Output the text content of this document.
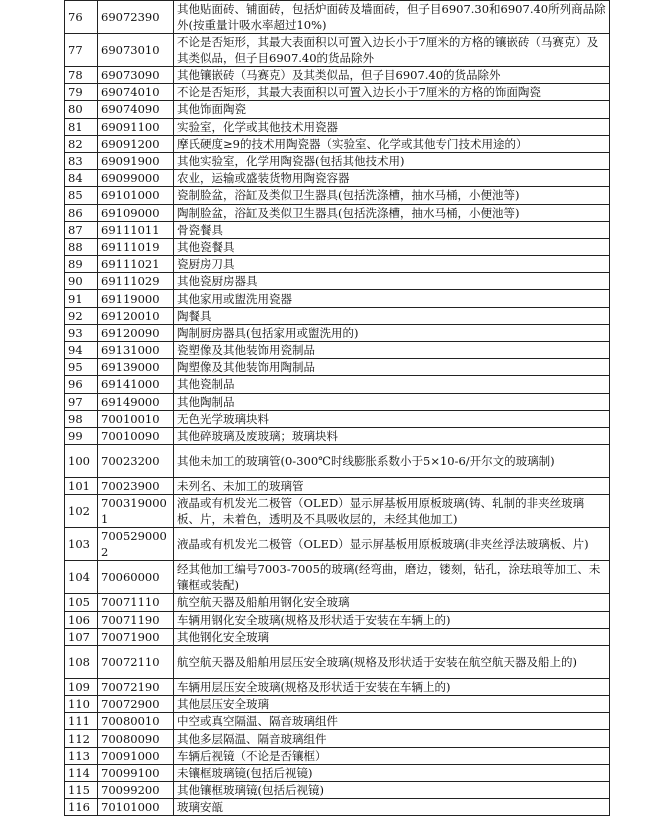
76	69072390	其他贴面砖、铺面砖，包括炉面砖及墙面砖，但子目6907.30和6907.40所列商品除外(按重量计吸水率超过10%)
77	69073010	不论是否矩形，其最大表面积以可置入边长小于7厘米的方格的镶嵌砖（马赛克）及其类似品，但子目6907.40的货品除外
78	69073090	其他镶嵌砖（马赛克）及其类似品，但子目6907.40的货品除外
79	69074010	不论是否矩形，其最大表面积以可置入边长小于7厘米的方格的饰面陶瓷
80	69074090	其他饰面陶瓷
81	69091100	实验室，化学或其他技术用瓷器
82	69091200	摩氏硬度≥9的技术用陶瓷器（实验室、化学或其他专门技术用途的）
83	69091900	其他实验室，化学用陶瓷器(包括其他技术用)
84	69099000	农业，运输或盛装货物用陶瓷容器
85	69101000	瓷制脸盆，浴缸及类似卫生器具(包括洗涤槽，抽水马桶，小便池等)
86	69109000	陶制脸盆，浴缸及类似卫生器具(包括洗涤槽，抽水马桶，小便池等)
87	69111011	骨瓷餐具
88	69111019	其他瓷餐具
89	69111021	瓷厨房刀具
90	69111029	其他瓷厨房器具
91	69119000	其他家用或盥洗用瓷器
92	69120010	陶餐具
93	69120090	陶制厨房器具(包括家用或盥洗用的)
94	69131000	瓷塑像及其他装饰用瓷制品
95	69139000	陶塑像及其他装饰用陶制品
96	69141000	其他瓷制品
97	69149000	其他陶制品
98	70010010	无色光学玻璃块料
99	70010090	其他碎玻璃及废玻璃；玻璃块料
100	70023200	其他未加工的玻璃管(0-300℃时线膨胀系数小于5×10-6/开尔文的玻璃制)
101	70023900	未列名、未加工的玻璃管
102	7003190001	液晶或有机发光二极管（OLED）显示屏基板用原板玻璃(铸、轧制的非夹丝玻璃板、片，未着色，透明及不具吸收层的，未经其他加工)
103	7005290002	液晶或有机发光二极管（OLED）显示屏基板用原板玻璃(非夹丝浮法玻璃板、片)
104	70060000	经其他加工编号7003-7005的玻璃(经弯曲，磨边，镂刻，钻孔，涂珐琅等加工、未镶框或装配)
105	70071110	航空航天器及船舶用钢化安全玻璃
106	70071190	车辆用钢化安全玻璃(规格及形状适于安装在车辆上的)
107	70071900	其他钢化安全玻璃
108	70072110	航空航天器及船舶用层压安全玻璃(规格及形状适于安装在航空航天器及船上的)
109	70072190	车辆用层压安全玻璃(规格及形状适于安装在车辆上的)
110	70072900	其他层压安全玻璃
111	70080010	中空或真空隔温、隔音玻璃组件
112	70080090	其他多层隔温、隔音玻璃组件
113	70091000	车辆后视镜（不论是否镶框）
114	70099100	未镶框玻璃镜(包括后视镜)
115	70099200	其他镶框玻璃镜(包括后视镜)
116	70101000	玻璃安瓿
